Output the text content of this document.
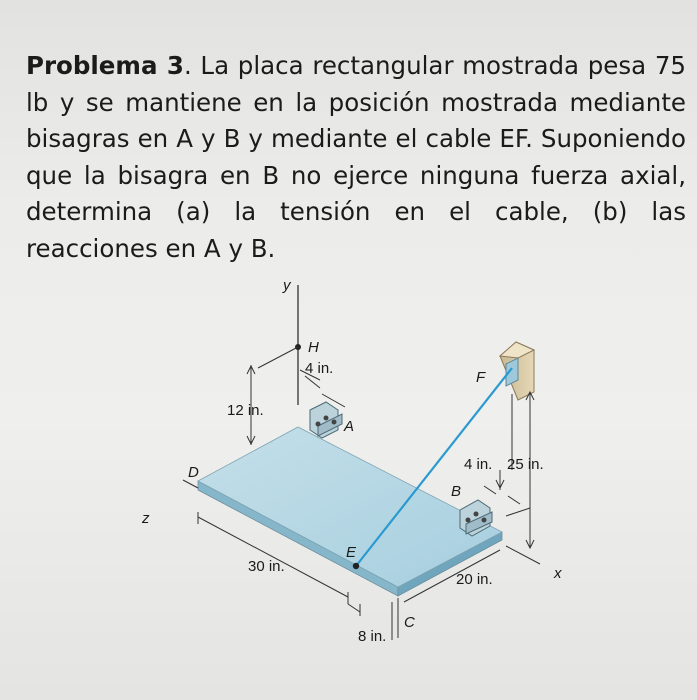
Problema 3. La placa rectangular mostrada pesa 75 lb y se mantiene en la posición mostrada mediante bisagras en A y B y mediante el cable EF. Suponiendo que la bisagra en B no ejerce ninguna fuerza axial, determina (a) la tensión en el cable, (b) las reacciones en A y B.
y
z
x
H
A
B
C
D
E
F
4 in.
12 in.
30 in.
8 in.
20 in.
4 in. 25 in.
